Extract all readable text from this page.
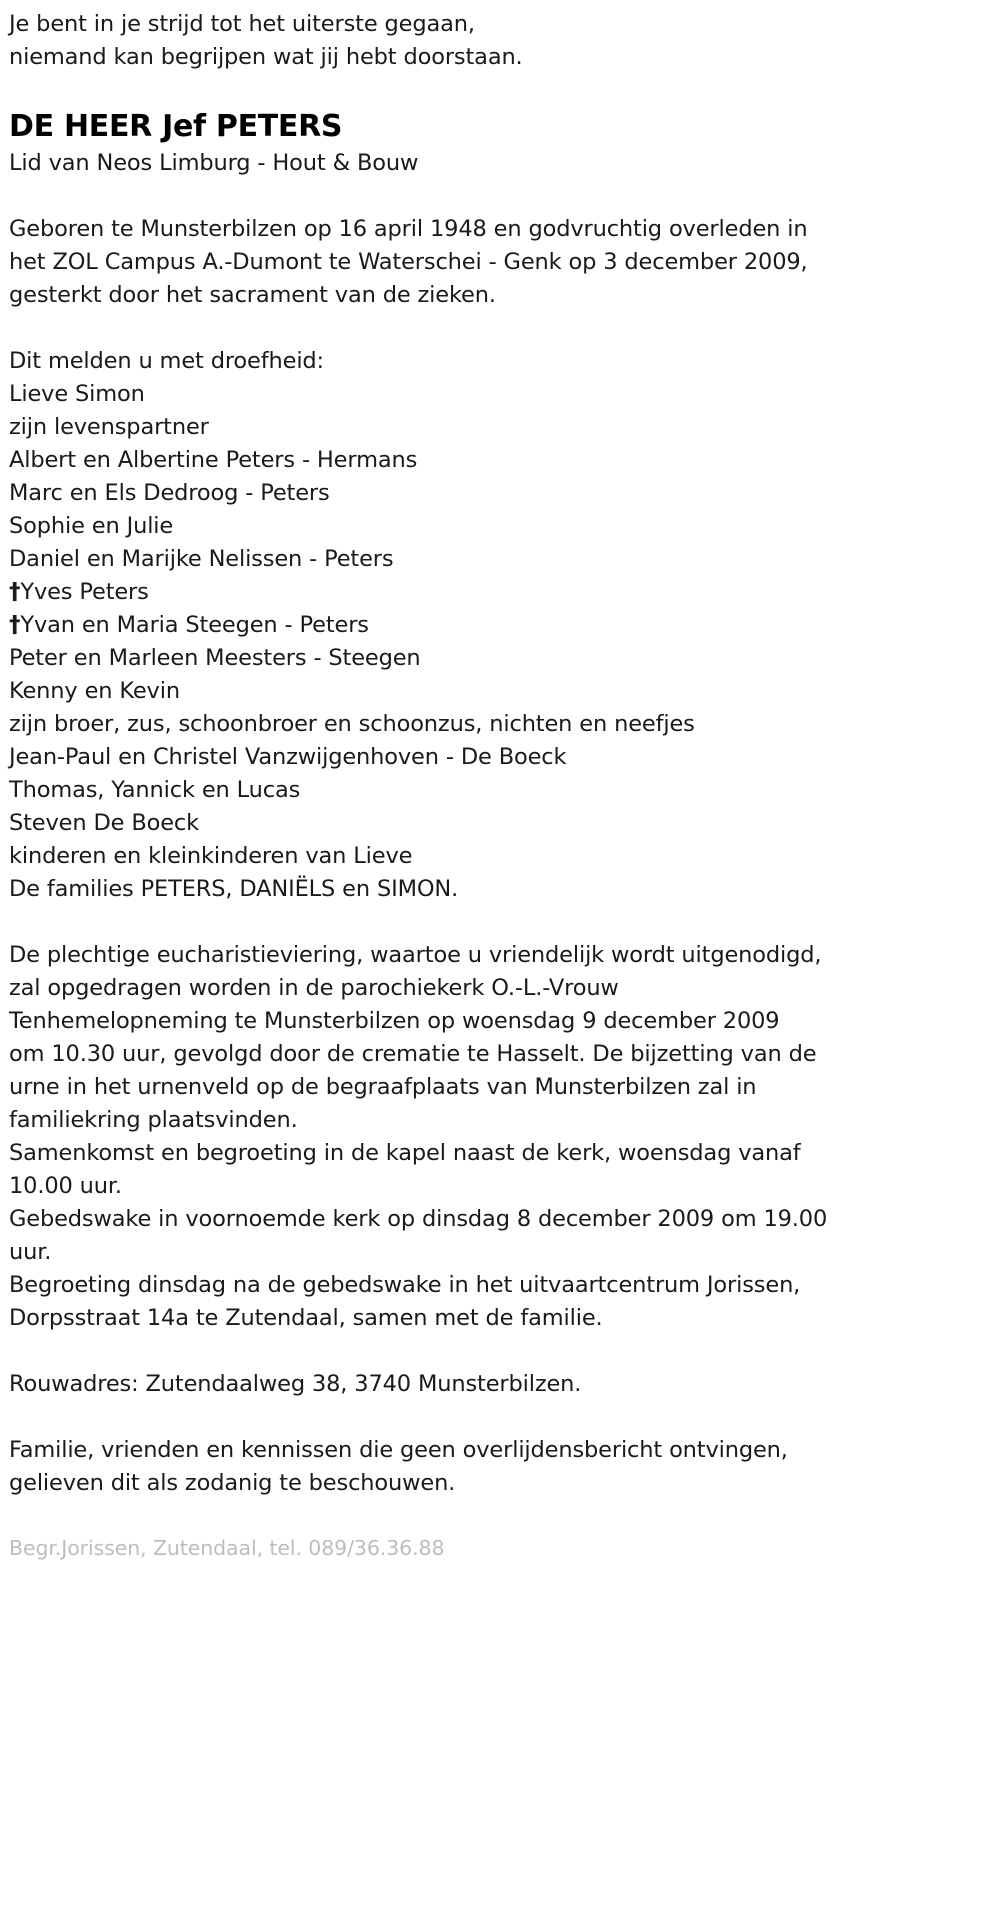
Je bent in je strijd tot het uiterste gegaan,
niemand kan begrijpen wat jij hebt doorstaan.

DE HEER Jef PETERS
Lid van Neos Limburg - Hout & Bouw

Geboren te Munsterbilzen op 16 april 1948 en godvruchtig overleden in
het ZOL Campus A.-Dumont te Waterschei - Genk op 3 december 2009,
gesterkt door het sacrament van de zieken.

Dit melden u met droefheid:
Lieve Simon
zijn levenspartner
Albert en Albertine Peters - Hermans
Marc en Els Dedroog - Peters
Sophie en Julie
Daniel en Marijke Nelissen - Peters
†Yves Peters
†Yvan en Maria Steegen - Peters
Peter en Marleen Meesters - Steegen
Kenny en Kevin
zijn broer, zus, schoonbroer en schoonzus, nichten en neefjes
Jean-Paul en Christel Vanzwijgenhoven - De Boeck
Thomas, Yannick en Lucas
Steven De Boeck
kinderen en kleinkinderen van Lieve
De families PETERS, DANIËLS en SIMON.

De plechtige eucharistieviering, waartoe u vriendelijk wordt uitgenodigd,
zal opgedragen worden in de parochiekerk O.-L.-Vrouw
Tenhemelopneming te Munsterbilzen op woensdag 9 december 2009
om 10.30 uur, gevolgd door de crematie te Hasselt. De bijzetting van de
urne in het urnenveld op de begraafplaats van Munsterbilzen zal in
familiekring plaatsvinden.
Samenkomst en begroeting in de kapel naast de kerk, woensdag vanaf
10.00 uur.
Gebedswake in voornoemde kerk op dinsdag 8 december 2009 om 19.00
uur.
Begroeting dinsdag na de gebedswake in het uitvaartcentrum Jorissen,
Dorpsstraat 14a te Zutendaal, samen met de familie.

Rouwadres: Zutendaalweg 38, 3740 Munsterbilzen.

Familie, vrienden en kennissen die geen overlijdensbericht ontvingen,
gelieven dit als zodanig te beschouwen.

Begr.Jorissen, Zutendaal, tel. 089/36.36.88
